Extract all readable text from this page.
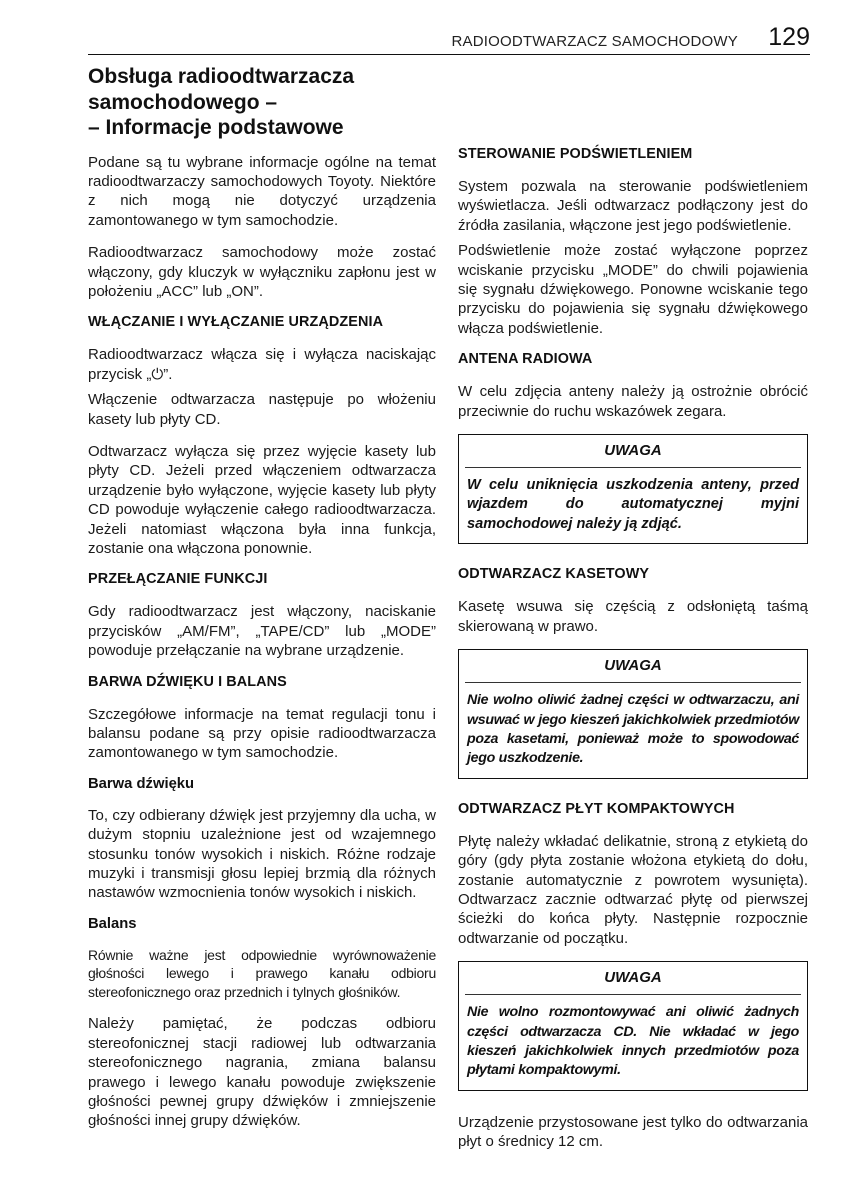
RADIOODTWARZACZ SAMOCHODOWY 129
Obsługa radioodtwarzacza
samochodowego –
– Informacje podstawowe

Podane są tu wybrane informacje ogólne na temat radioodtwarzaczy samochodowych Toyoty. Niektóre z nich mogą nie dotyczyć urządzenia zamontowanego w tym samochodzie.

Radioodtwarzacz samochodowy może zostać włączony, gdy kluczyk w wyłączniku zapłonu jest w położeniu „ACC” lub „ON”.

WŁĄCZANIE I WYŁĄCZANIE URZĄDZENIA

Radioodtwarzacz włącza się i wyłącza naciskając przycisk „⏻”.

Włączenie odtwarzacza następuje po włożeniu kasety lub płyty CD.

Odtwarzacz wyłącza się przez wyjęcie kasety lub płyty CD. Jeżeli przed włączeniem odtwarzacza urządzenie było wyłączone, wyjęcie kasety lub płyty CD powoduje wyłączenie całego radioodtwarzacza. Jeżeli natomiast włączona była inna funkcja, zostanie ona włączona ponownie.

PRZEŁĄCZANIE FUNKCJI

Gdy radioodtwarzacz jest włączony, naciskanie przycisków „AM/FM”, „TAPE/CD” lub „MODE” powoduje przełączanie na wybrane urządzenie.

BARWA DŹWIĘKU I BALANS

Szczegółowe informacje na temat regulacji tonu i balansu podane są przy opisie radioodtwarzacza zamontowanego w tym samochodzie.

Barwa dźwięku

To, czy odbierany dźwięk jest przyjemny dla ucha, w dużym stopniu uzależnione jest od wzajemnego stosunku tonów wysokich i niskich. Różne rodzaje muzyki i transmisji głosu lepiej brzmią dla różnych nastawów wzmocnienia tonów wysokich i niskich.

Balans

Równie ważne jest odpowiednie wyrównoważenie głośności lewego i prawego kanału odbioru stereofonicznego oraz przednich i tylnych głośników.

Należy pamiętać, że podczas odbioru stereofonicznej stacji radiowej lub odtwarzania stereofonicznego nagrania, zmiana balansu prawego i lewego kanału powoduje zwiększenie głośności pewnej grupy dźwięków i zmniejszenie głośności innej grupy dźwięków.

STEROWANIE PODŚWIETLENIEM

System pozwala na sterowanie podświetleniem wyświetlacza. Jeśli odtwarzacz podłączony jest do źródła zasilania, włączone jest jego podświetlenie.

Podświetlenie może zostać wyłączone poprzez wciskanie przycisku „MODE” do chwili pojawienia się sygnału dźwiękowego. Ponowne wciskanie tego przycisku do pojawienia się sygnału dźwiękowego włącza podświetlenie.

ANTENA RADIOWA

W celu zdjęcia anteny należy ją ostrożnie obrócić przeciwnie do ruchu wskazówek zegara.

UWAGA
W celu uniknięcia uszkodzenia anteny, przed wjazdem do automatycznej myjni samochodowej należy ją zdjąć.
ODTWARZACZ KASETOWY

Kasetę wsuwa się częścią z odsłoniętą taśmą skierowaną w prawo.

UWAGA
Nie wolno oliwić żadnej części w odtwarzaczu, ani wsuwać w jego kieszeń jakichkolwiek przedmiotów poza kasetami, ponieważ może to spowodować jego uszkodzenie.
ODTWARZACZ PŁYT KOMPAKTOWYCH

Płytę należy wkładać delikatnie, stroną z etykietą do góry (gdy płyta zostanie włożona etykietą do dołu, zostanie automatycznie z powrotem wysunięta). Odtwarzacz zacznie odtwarzać płytę od pierwszej ścieżki do końca płyty. Następnie rozpocznie odtwarzanie od początku.

UWAGA
Nie wolno rozmontowywać ani oliwić żadnych części odtwarzacza CD. Nie wkładać w jego kieszeń jakichkolwiek innych przedmiotów poza płytami kompaktowymi.

Urządzenie przystosowane jest tylko do odtwarzania płyt o średnicy 12 cm.
